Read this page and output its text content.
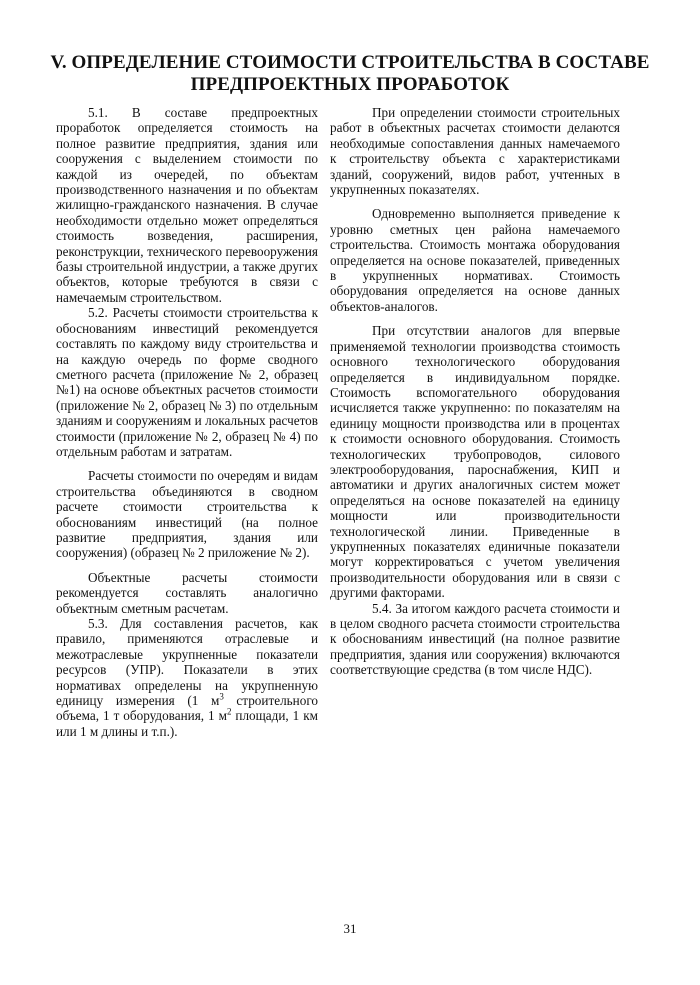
V. ОПРЕДЕЛЕНИЕ СТОИМОСТИ СТРОИТЕЛЬСТВА В СОСТАВЕ
ПРЕДПРОЕКТНЫХ ПРОРАБОТОК

5.1. В составе предпроектных проработок определяется стоимость на полное развитие предприятия, здания или сооружения с выделением стоимости по каждой из очередей, по объектам производственного назначения и по объектам жилищно-гражданского назначения. В случае необходимости отдельно может определяться стоимость возведения, расширения, реконструкции, технического перевооружения базы строительной индустрии, а также других объектов, которые требуются в связи с намечаемым строительством.

5.2. Расчеты стоимости строительства к обоснованиям инвестиций рекомендуется составлять по каждому виду строительства и на каждую очередь по форме сводного сметного расчета (приложение № 2, образец №1) на основе объектных расчетов стоимости (приложение № 2, образец № 3) по отдельным зданиям и сооружениям и локальных расчетов стоимости (приложение № 2, образец № 4) по отдельным работам и затратам.

Расчеты стоимости по очередям и видам строительства объединяются в сводном расчете стоимости строительства к обоснованиям инвестиций (на полное развитие предприятия, здания или сооружения) (образец № 2 приложение № 2).

Объектные расчеты стоимости рекомендуется составлять аналогично объектным сметным расчетам.

5.3. Для составления расчетов, как правило, применяются отраслевые и межотраслевые укрупненные показатели ресурсов (УПР). Показатели в этих нормативах определены на укрупненную единицу измерения (1 $м^3$ строительного объема, 1 т оборудования, 1 $м^2$ площади, 1 км или 1 м длины и т.п.).

При определении стоимости строительных работ в объектных расчетах стоимости делаются необходимые сопоставления данных намечаемого к строительству объекта с характеристиками зданий, сооружений, видов работ, учтенных в укрупненных показателях.

Одновременно выполняется приведение к уровню сметных цен района намечаемого строительства. Стоимость монтажа оборудования определяется на основе показателей, приведенных в укрупненных нормативах. Стоимость оборудования определяется на основе данных объектов-аналогов.

При отсутствии аналогов для впервые применяемой технологии производства стоимость основного технологического оборудования определяется в индивидуальном порядке. Стоимость вспомогательного оборудования исчисляется также укрупненно: по показателям на единицу мощности производства или в процентах к стоимости основного оборудования. Стоимость технологических трубопроводов, силового электрооборудования, пароснабжения, КИП и автоматики и других аналогичных систем может определяться на основе показателей на единицу мощности или производительности технологической линии. Приведенные в укрупненных показателях единичные показатели могут корректироваться с учетом увеличения производительности оборудования или в связи с другими факторами.

5.4. За итогом каждого расчета стоимости и в целом сводного расчета стоимости строительства к обоснованиям инвестиций (на полное развитие предприятия, здания или сооружения) включаются соответствующие средства (в том числе НДС).

31
